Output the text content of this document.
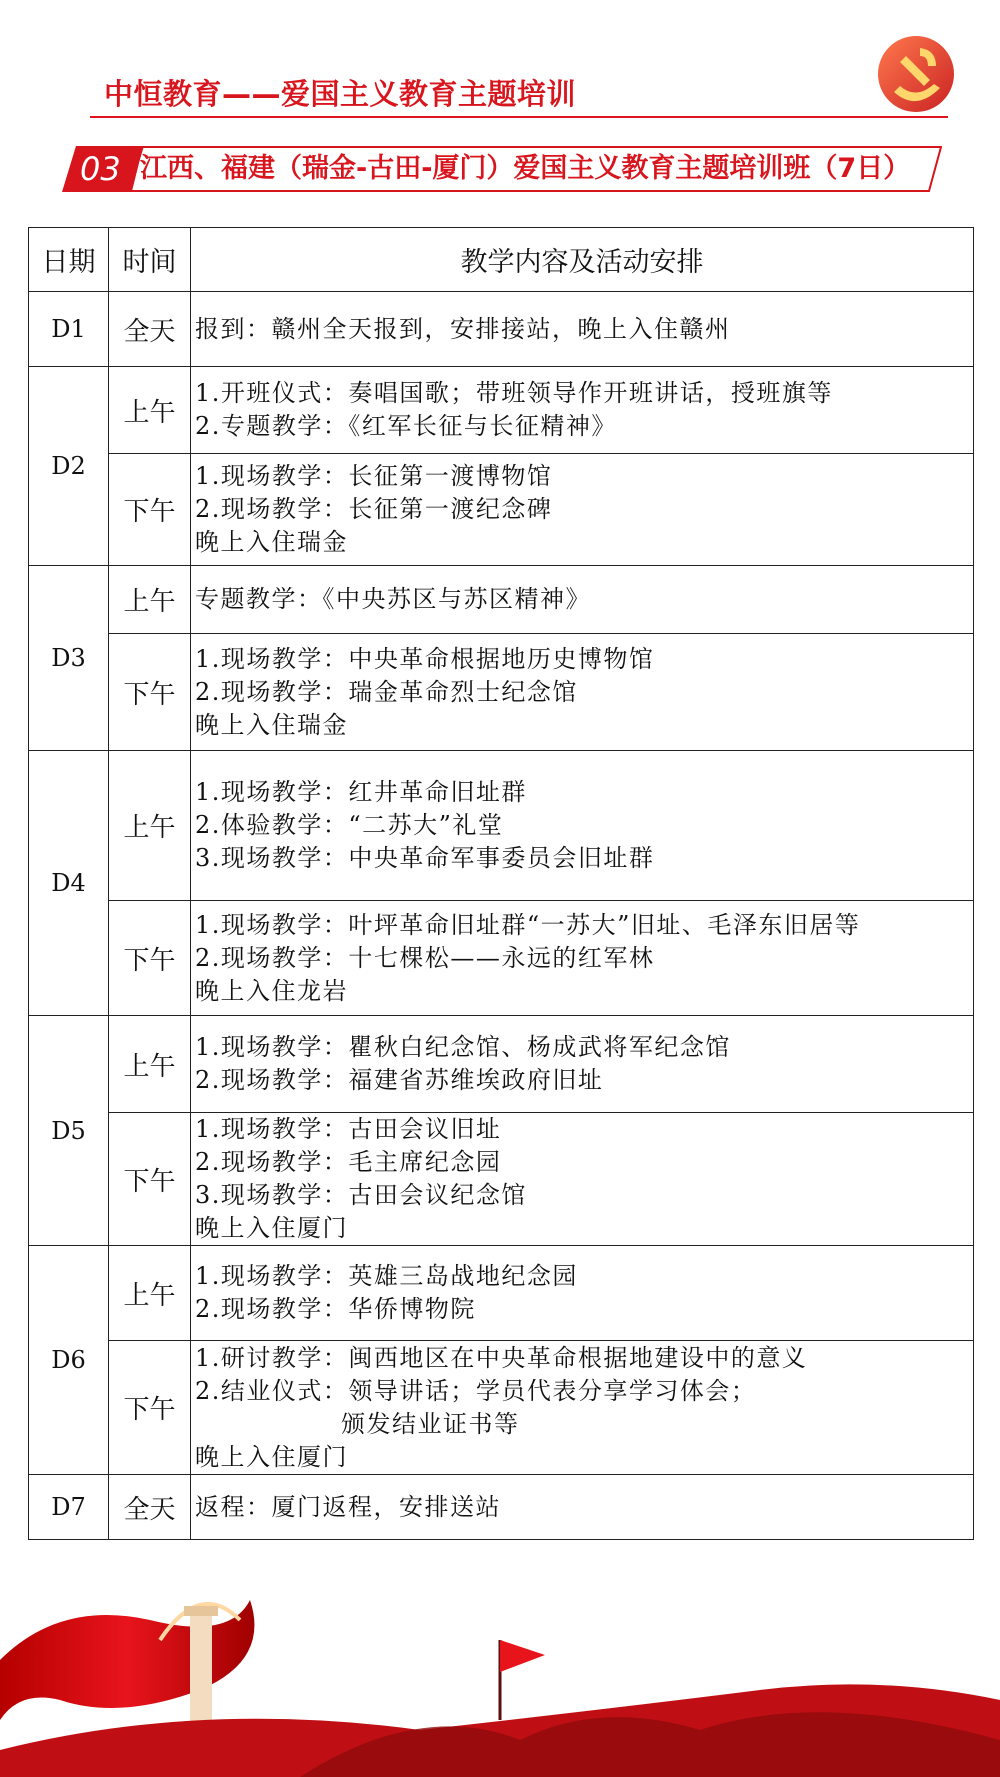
中恒教育——爱国主义教育主题培训
03 江西、福建（瑞金-古田-厦门）爱国主义教育主题培训班（7日）
日期	时间	教学内容及活动安排
D1	全天	报到：赣州全天报到，安排接站，晚上入住赣州

D2	上午	1.开班仪式：奏唱国歌；带班领导作开班讲话，授班旗等
2.专题教学：《红军长征与长征精神》

	下午	1.现场教学：长征第一渡博物馆
2.现场教学：长征第一渡纪念碑
晚上入住瑞金

D3	上午	专题教学：《中央苏区与苏区精神》

	下午	1.现场教学：中央革命根据地历史博物馆
2.现场教学：瑞金革命烈士纪念馆
晚上入住瑞金

D4	上午	1.现场教学：红井革命旧址群
2.体验教学：“二苏大”礼堂
3.现场教学：中央革命军事委员会旧址群

	下午	1.现场教学：叶坪革命旧址群“一苏大”旧址、毛泽东旧居等
2.现场教学：十七棵松——永远的红军林
晚上入住龙岩

D5	上午	1.现场教学：瞿秋白纪念馆、杨成武将军纪念馆
2.现场教学：福建省苏维埃政府旧址

	下午	1.现场教学：古田会议旧址
2.现场教学：毛主席纪念园
3.现场教学：古田会议纪念馆
晚上入住厦门

D6	上午	1.现场教学：英雄三岛战地纪念园
2.现场教学：华侨博物院

	下午	1.研讨教学：闽西地区在中央革命根据地建设中的意义
2.结业仪式：领导讲话；学员代表分享学习体会；
颁发结业证书等
晚上入住厦门

D7	全天	返程：厦门返程，安排送站
